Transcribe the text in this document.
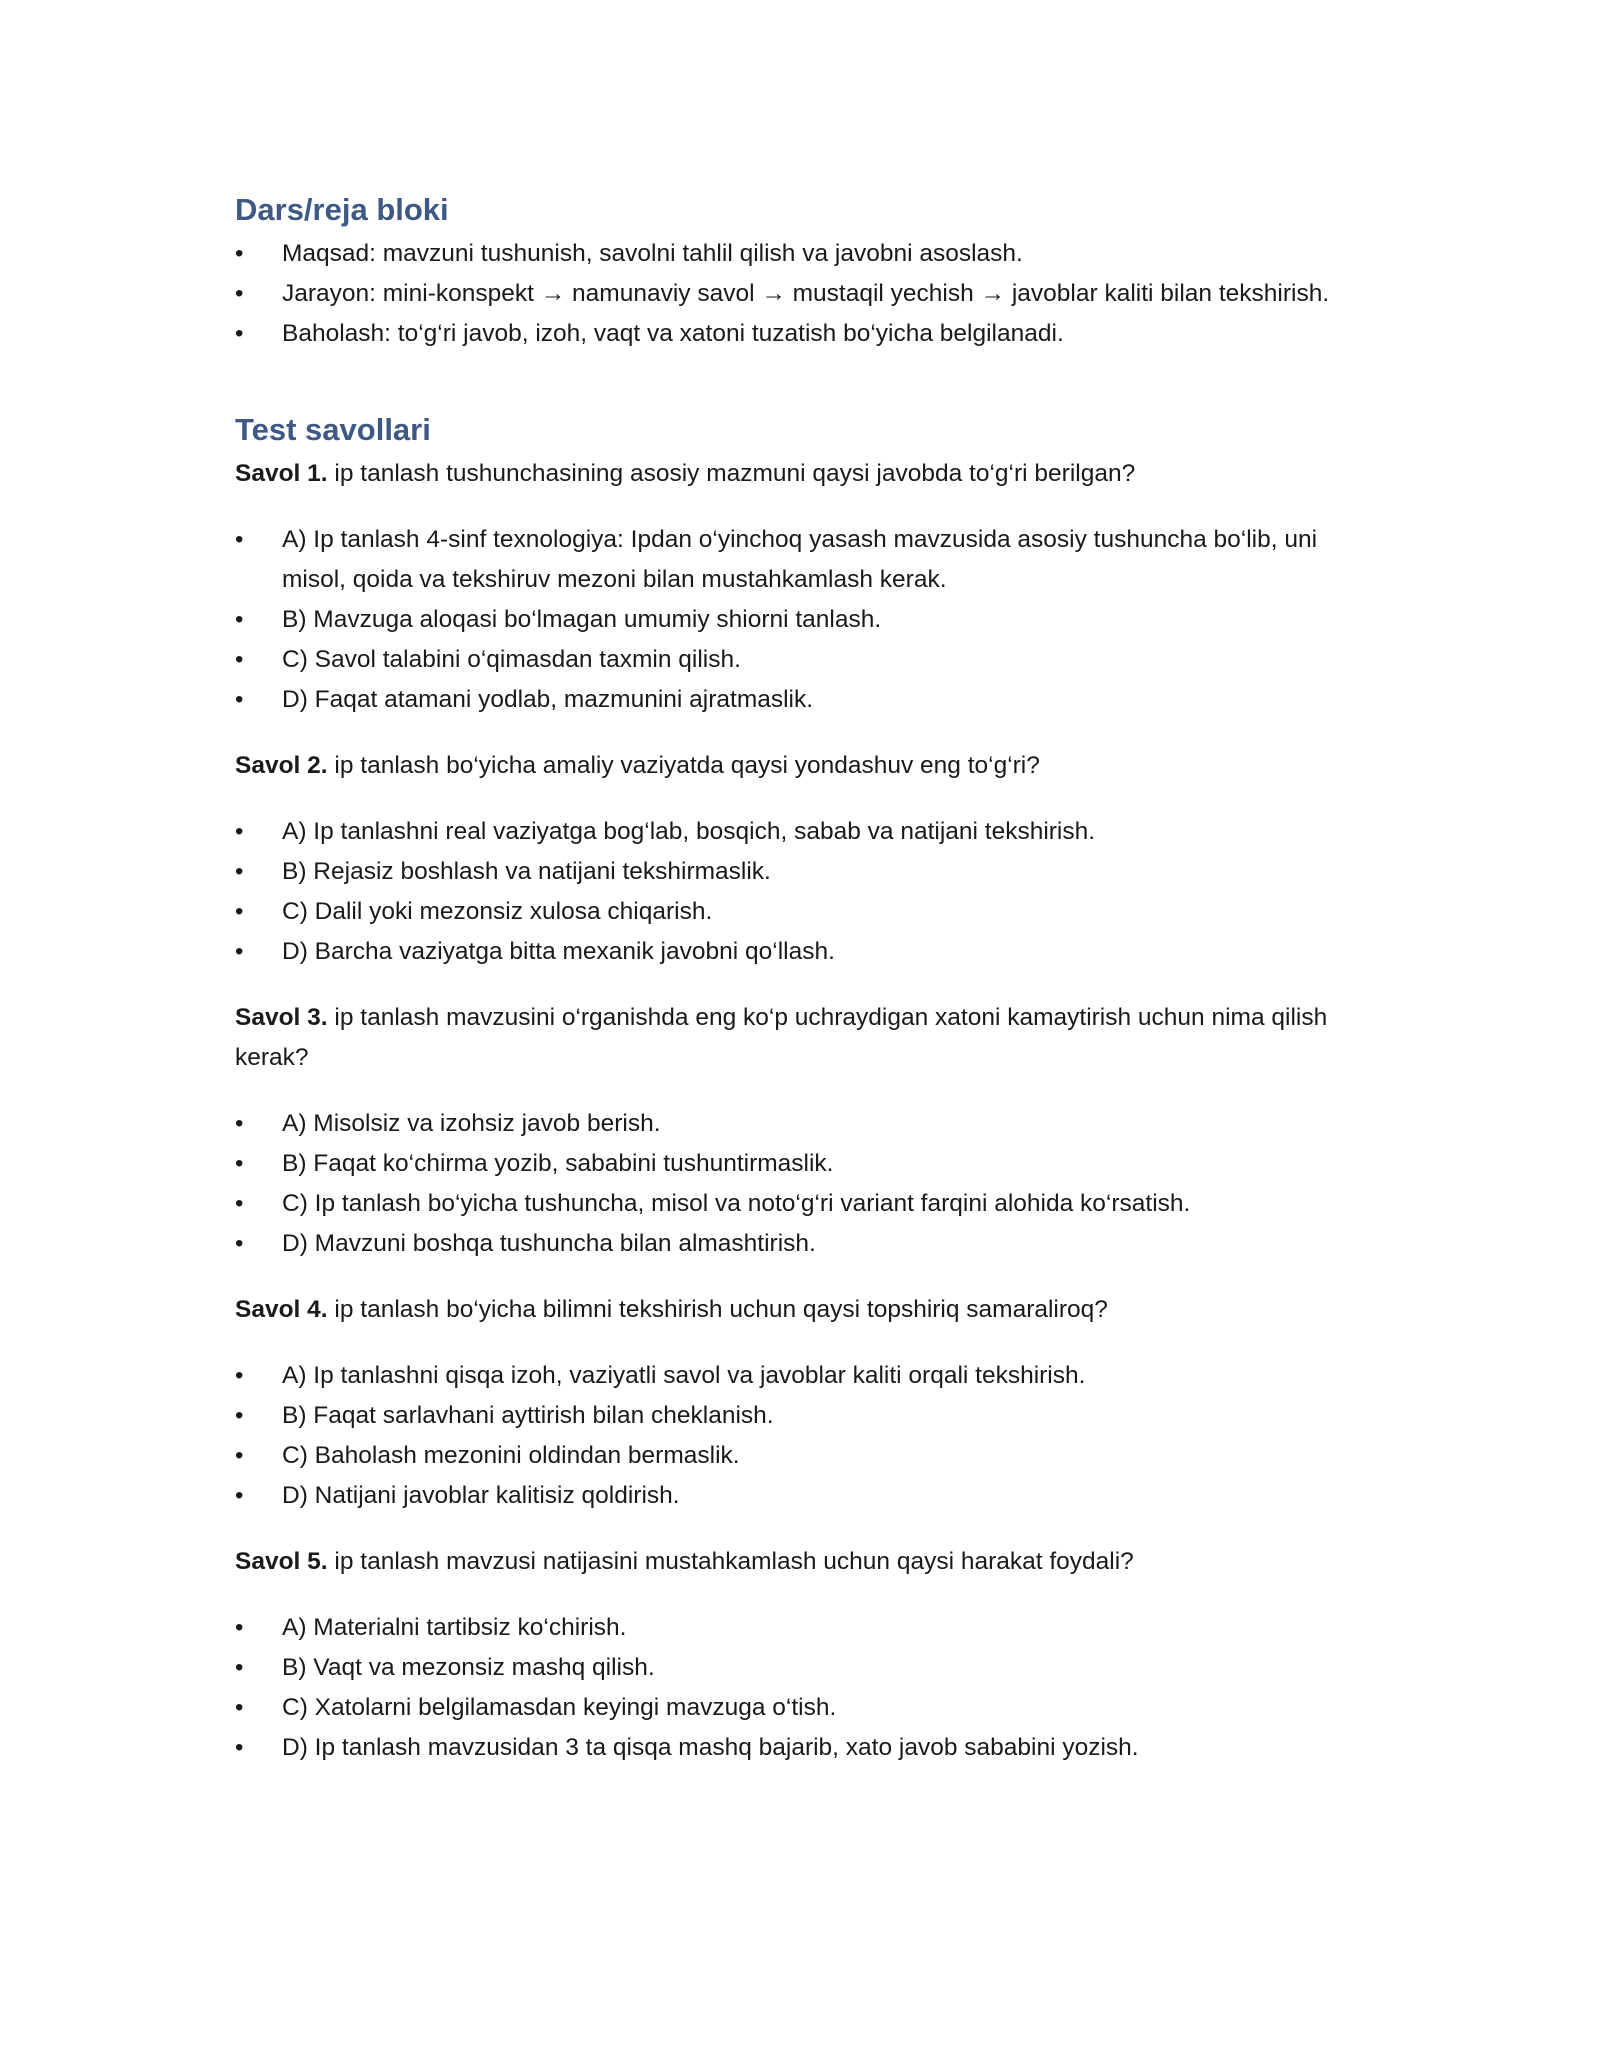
Dars/reja bloki
•	Maqsad: mavzuni tushunish, savolni tahlil qilish va javobni asoslash.
•	Jarayon: mini-konspekt → namunaviy savol → mustaqil yechish → javoblar kaliti bilan tekshirish.
•	Baholash: to‘g‘ri javob, izoh, vaqt va xatoni tuzatish bo‘yicha belgilanadi.
Test savollari

Savol 1. ip tanlash tushunchasining asosiy mazmuni qaysi javobda to‘g‘ri berilgan?

•	A) Ip tanlash 4-sinf texnologiya: Ipdan o‘yinchoq yasash mavzusida asosiy tushuncha bo‘lib, uni misol, qoida va tekshiruv mezoni bilan mustahkamlash kerak.
•	B) Mavzuga aloqasi bo‘lmagan umumiy shiorni tanlash.
•	C) Savol talabini o‘qimasdan taxmin qilish.
•	D) Faqat atamani yodlab, mazmunini ajratmaslik.

Savol 2. ip tanlash bo‘yicha amaliy vaziyatda qaysi yondashuv eng to‘g‘ri?

•	A) Ip tanlashni real vaziyatga bog‘lab, bosqich, sabab va natijani tekshirish.
•	B) Rejasiz boshlash va natijani tekshirmaslik.
•	C) Dalil yoki mezonsiz xulosa chiqarish.
•	D) Barcha vaziyatga bitta mexanik javobni qo‘llash.

Savol 3. ip tanlash mavzusini o‘rganishda eng ko‘p uchraydigan xatoni kamaytirish uchun nima qilish kerak?

•	A) Misolsiz va izohsiz javob berish.
•	B) Faqat ko‘chirma yozib, sababini tushuntirmaslik.
•	C) Ip tanlash bo‘yicha tushuncha, misol va noto‘g‘ri variant farqini alohida ko‘rsatish.
•	D) Mavzuni boshqa tushuncha bilan almashtirish.

Savol 4. ip tanlash bo‘yicha bilimni tekshirish uchun qaysi topshiriq samaraliroq?

•	A) Ip tanlashni qisqa izoh, vaziyatli savol va javoblar kaliti orqali tekshirish.
•	B) Faqat sarlavhani ayttirish bilan cheklanish.
•	C) Baholash mezonini oldindan bermaslik.
•	D) Natijani javoblar kalitisiz qoldirish.

Savol 5. ip tanlash mavzusi natijasini mustahkamlash uchun qaysi harakat foydali?

•	A) Materialni tartibsiz ko‘chirish.
•	B) Vaqt va mezonsiz mashq qilish.
•	C) Xatolarni belgilamasdan keyingi mavzuga o‘tish.
•	D) Ip tanlash mavzusidan 3 ta qisqa mashq bajarib, xato javob sababini yozish.
